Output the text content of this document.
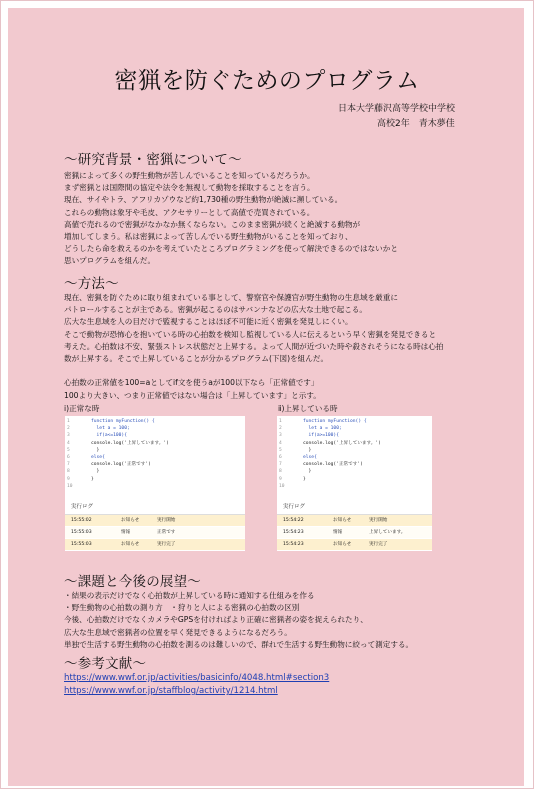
密猟を防ぐためのプログラム
日本大学藤沢高等学校中学校
高校2年　青木夢佳
～研究背景・密猟について～
密猟によって多くの野生動物が苦しんでいることを知っているだろうか。
まず密猟とは国際間の協定や法令を無視して動物を採取することを言う。
現在、サイやトラ、アフリカゾウなど約1,730種の野生動物が絶滅に瀕している。
これらの動物は象牙や毛皮、アクセサリーとして高値で売買されている。
高値で売れるので密猟がなかなか無くならない。このまま密猟が続くと絶滅する動物が
増加してしまう。私は密猟によって苦しんでいる野生動物がいることを知っており、
どうしたら命を救えるのかを考えていたところプログラミングを使って解決できるのではないかと
思いプログラムを組んだ。
～方法～
現在、密猟を防ぐために取り組まれている事として、警察官や保護官が野生動物の生息域を厳重に
パトロールすることが主である。密猟が起こるのはサバンナなどの広大な土地で起こる。
広大な生息域を人の目だけで監視することはほぼ不可能に近く密猟を発見しにくい。
そこで動物が恐怖心を抱いている時の心拍数を検知し監視している人に伝えるという早く密猟を発見できると
考えた。心拍数は不安、緊張ストレス状態だと上昇する。よって人間が近づいた時や殺されそうになる時は心拍
数が上昇する。そこで上昇していることが分かるプログラム(下図)を組んだ。
心拍数の正常値を100=aとしてif文を使うaが100以下なら「正常値です」
100より大きい、つまり正常値ではない場合は「上昇しています」と示す。
i)正常な時	ⅱ)上昇している時
1	function myFunction() {
2	let a = 100;
3	if(a<=100){
4	console.log('上昇しています。')
5	}
6	else{
7	console.log('正常です')
8	}
9	}
10
実行ログ
15:55:02	お知らせ	実行開始
15:55:03	情報	正常です
15:55:03	お知らせ	実行完了
1	function myFunction() {
2	let a = 100;
3	if(a>=100){
4	console.log('上昇しています。')
5	}
6	else{
7	console.log('正常です')
8	}
9	}
10
実行ログ
15:54:22	お知らせ	実行開始
15:54:23	情報	上昇しています。
15:54:23	お知らせ	実行完了
～課題と今後の展望～
・結果の表示だけでなく心拍数が上昇している時に通知する仕組みを作る
・野生動物の心拍数の測り方　・狩りと人による密猟の心拍数の区別
今後、心拍数だけでなくカメラやGPSを付ければより正確に密猟者の姿を捉えられたり、
広大な生息域で密猟者の位置を早く発見できるようになるだろう。
単独で生活する野生動物の心拍数を測るのは難しいので、群れで生活する野生動物に絞って測定する。
～参考文献～
https://www.wwf.or.jp/activities/basicinfo/4048.html#section3
https://www.wwf.or.jp/staffblog/activity/1214.html
